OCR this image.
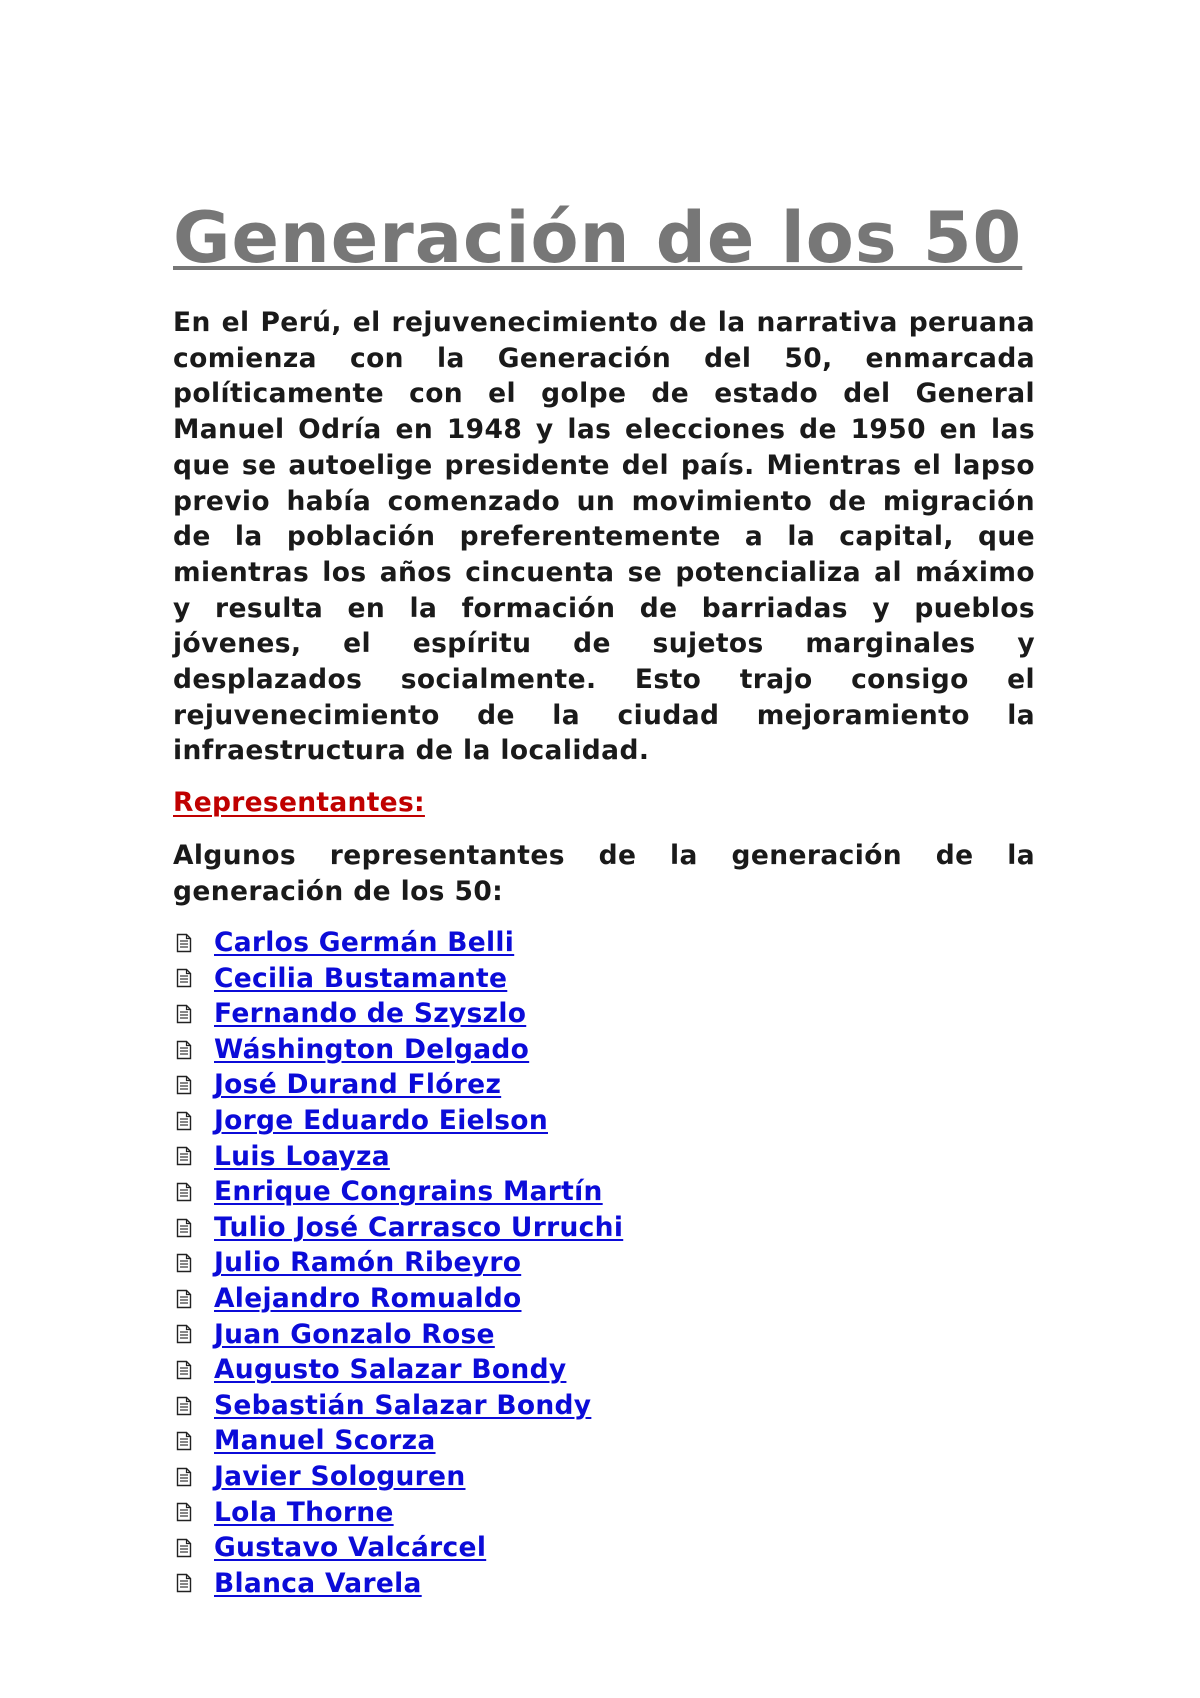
Generación de los 50

En el Perú, el rejuvenecimiento de la narrativa peruana comienza con la Generación del 50, enmarcada políticamente con el golpe de estado del General Manuel Odría en 1948 y las elecciones de 1950 en las que se autoelige presidente del país. Mientras el lapso previo había comenzado un movimiento de migración de la población preferentemente a la capital, que mientras los años cincuenta se potencializa al máximo y resulta en la formación de barriadas y pueblos jóvenes, el espíritu de sujetos marginales y desplazados socialmente. Esto trajo consigo el rejuvenecimiento de la ciudad mejoramiento la infraestructura de la localidad.

Representantes:

Algunos representantes de la generación de la generación de los 50:

Carlos Germán Belli
Cecilia Bustamante
Fernando de Szyszlo
Wáshington Delgado
José Durand Flórez
Jorge Eduardo Eielson
Luis Loayza
Enrique Congrains Martín
Tulio José Carrasco Urruchi
Julio Ramón Ribeyro
Alejandro Romualdo
Juan Gonzalo Rose
Augusto Salazar Bondy
Sebastián Salazar Bondy
Manuel Scorza
Javier Sologuren
Lola Thorne
Gustavo Valcárcel
Blanca Varela
